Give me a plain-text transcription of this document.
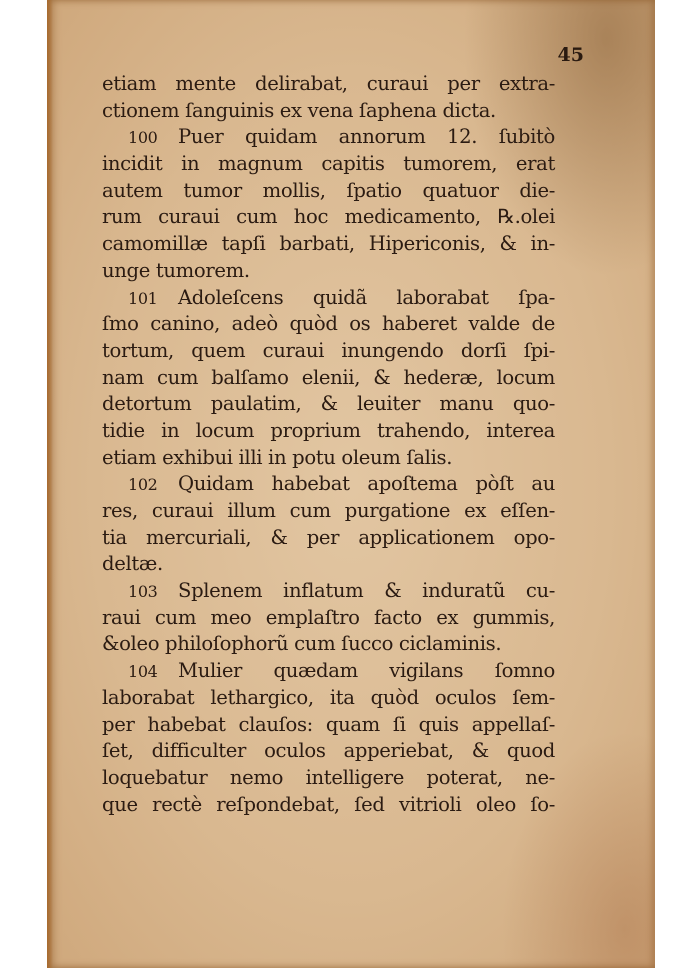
45
etiam mente delirabat, curaui per extra-
ctionem ſanguinis ex vena ſaphena dicta.
100 Puer quidam annorum 12. ſubitò
incidit in magnum capitis tumorem, erat
autem tumor mollis, ſpatio quatuor die-
rum curaui cum hoc medicamento, ℞.olei
camomillæ tapſi barbati, Hipericonis, & in-
unge tumorem.
101 Adoleſcens quidã laborabat ſpa-
ſmo canino, adeò quòd os haberet valde de
tortum, quem curaui inungendo dorſi ſpi-
nam cum balſamo elenii, & hederæ, locum
detortum paulatim, & leuiter manu quo-
tidie in locum proprium trahendo, interea
etiam exhibui illi in potu oleum ſalis.
102 Quidam habebat apoſtema pòſt au
res, curaui illum cum purgatione ex eſſen-
tia mercuriali, & per applicationem opo-
deltæ.
103 Splenem inflatum & induratũ cu-
raui cum meo emplaſtro facto ex gummis,
&oleo philoſophorũ cum ſucco ciclaminis.
104 Mulier quædam vigilans ſomno
laborabat lethargico, ita quòd oculos ſem-
per habebat clauſos: quam ſi quis appellaſ-
ſet, difficulter oculos apperiebat, & quod
loquebatur nemo intelligere poterat, ne-
que rectè reſpondebat, ſed vitrioli oleo ſo-
